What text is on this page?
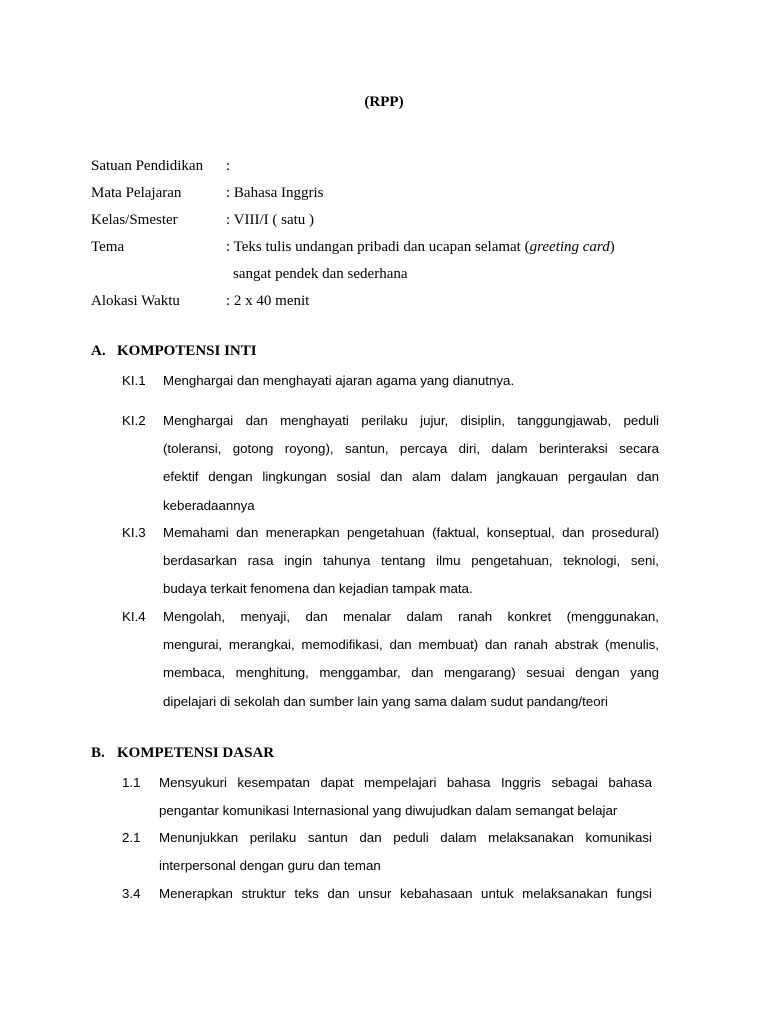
(RPP)
Satuan Pendidikan :
Mata Pelajaran	: Bahasa Inggris
Kelas/Smester	: VIII/I ( satu )
Tema	: Teks tulis undangan pribadi dan ucapan selamat (greeting card)
sangat pendek dan sederhana
Alokasi Waktu	: 2 x 40 menit
A. KOMPOTENSI INTI
KI.1 Menghargai dan menghayati ajaran agama yang dianutnya.
KI.2 Menghargai dan menghayati perilaku jujur, disiplin, tanggungjawab, peduli
(toleransi, gotong royong), santun, percaya diri, dalam berinteraksi secara
efektif dengan lingkungan sosial dan alam dalam jangkauan pergaulan dan
keberadaannya
KI.3 Memahami dan menerapkan pengetahuan (faktual, konseptual, dan prosedural)
berdasarkan rasa ingin tahunya tentang ilmu pengetahuan, teknologi, seni,
budaya terkait fenomena dan kejadian tampak mata.
KI.4 Mengolah, menyaji, dan menalar dalam ranah konkret (menggunakan,
mengurai, merangkai, memodifikasi, dan membuat) dan ranah abstrak (menulis,
membaca, menghitung, menggambar, dan mengarang) sesuai dengan yang
dipelajari di sekolah dan sumber lain yang sama dalam sudut pandang/teori
B. KOMPETENSI DASAR
1.1 Mensyukuri kesempatan dapat mempelajari bahasa Inggris sebagai bahasa
pengantar komunikasi Internasional yang diwujudkan dalam semangat belajar
2.1 Menunjukkan perilaku santun dan peduli dalam melaksanakan komunikasi
interpersonal dengan guru dan teman
3.4 Menerapkan struktur teks dan unsur kebahasaan untuk melaksanakan fungsi
